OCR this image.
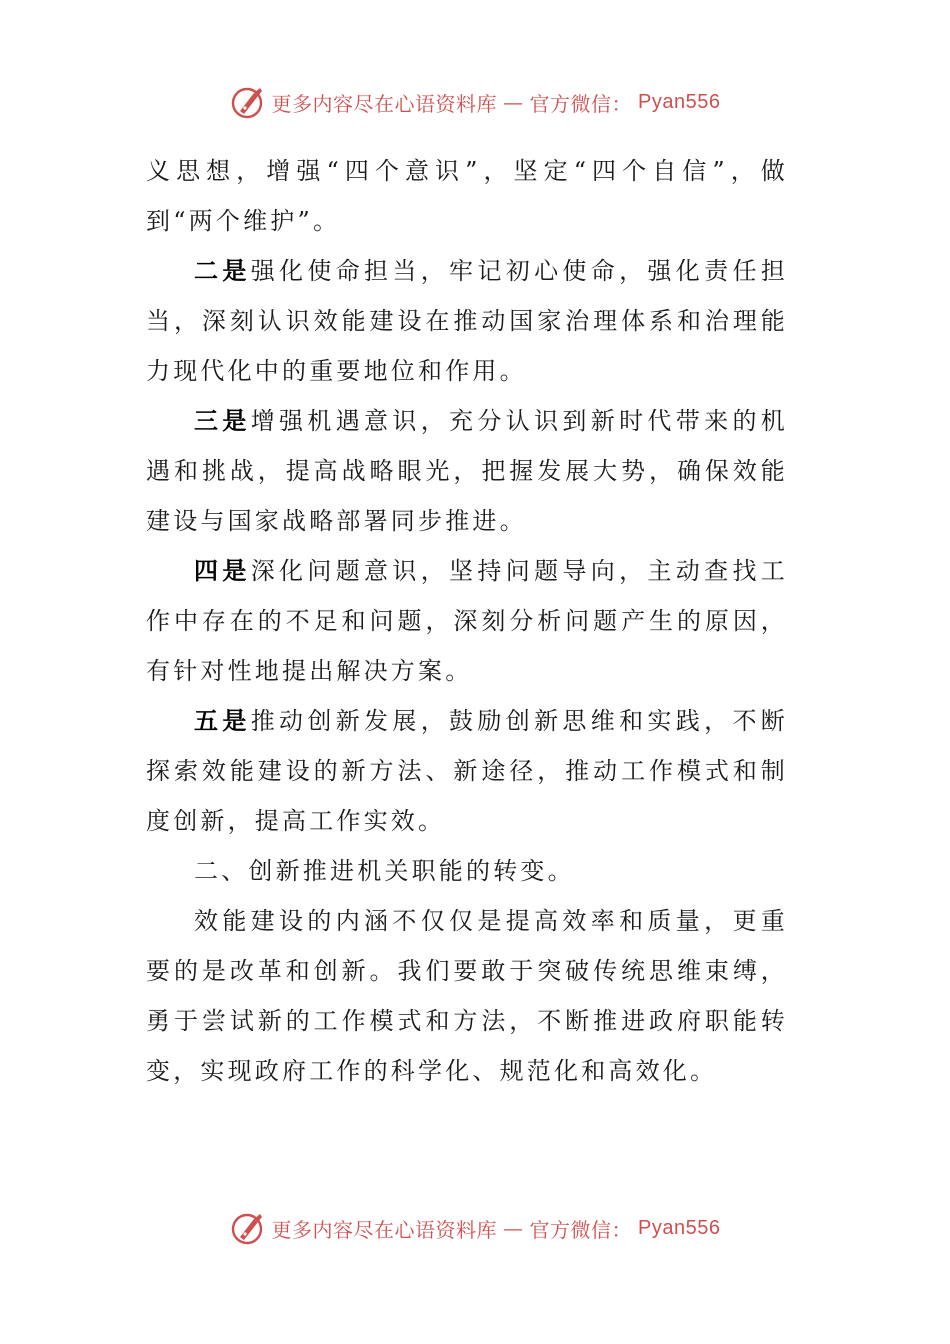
更多内容尽在心语资料库 — 官方微信： Pyan556

义思想，增强“四个意识”，坚定“四个自信”，做到“两个维护”。

二是强化使命担当，牢记初心使命，强化责任担当，深刻认识效能建设在推动国家治理体系和治理能力现代化中的重要地位和作用。

三是增强机遇意识，充分认识到新时代带来的机遇和挑战，提高战略眼光，把握发展大势，确保效能建设与国家战略部署同步推进。

四是深化问题意识，坚持问题导向，主动查找工作中存在的不足和问题，深刻分析问题产生的原因，有针对性地提出解决方案。

五是推动创新发展，鼓励创新思维和实践，不断探索效能建设的新方法、新途径，推动工作模式和制度创新，提高工作实效。

二、创新推进机关职能的转变。

效能建设的内涵不仅仅是提高效率和质量，更重要的是改革和创新。我们要敢于突破传统思维束缚，勇于尝试新的工作模式和方法，不断推进政府职能转变，实现政府工作的科学化、规范化和高效化。

更多内容尽在心语资料库 — 官方微信： Pyan556
